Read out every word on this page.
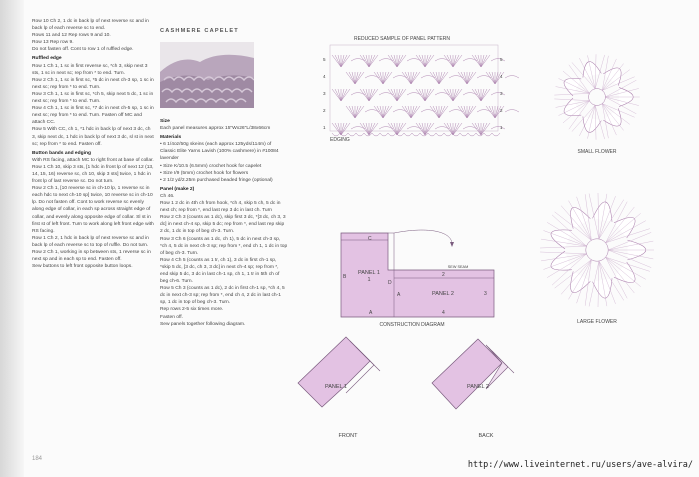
Row 10 Ch 2, 1 dc in back lp of next reverse sc and in back lp of each reverse sc to end.

Rows 11 and 12 Rep rows 9 and 10.

Row 13 Rep row 9.

Do not fasten off. Cont to row 1 of ruffled edge.

Ruffled edge

Row 1 Ch 1, 1 sc in first reverse sc, *ch 3, skip next 3 sts, 1 sc in next sc; rep from * to end. Turn.

Row 2 Ch 1, 1 sc in first sc, *5 dc in next ch-3 sp, 1 sc in next sc; rep from * to end. Turn.

Row 3 Ch 1, 1 sc in first sc, *ch 5, skip next 5 dc, 1 sc in next sc; rep from * to end. Turn.

Row 4 Ch 1, 1 sc in first sc, *7 dc in next ch-5 sp, 1 sc in next sc; rep from * to end. Turn. Fasten off MC and attach CC.

Row 5 With CC, ch 1, *1 hdc in back lp of next 3 dc, ch 3, skip next dc, 1 hdc in back lp of next 3 dc, sl st in next sc; rep from * to end. Fasten off.

Button bands and edging

With RS facing, attach MC to right front at base of collar.

Row 1 Ch 10, skip 3 sts, [1 hdc in front lp of next 12 (13, 14, 15, 16) reverse sc, ch 10, skip 3 sts] twice, 1 hdc in front lp of last reverse sc. Do not turn.

Row 2 Ch 1, [10 reverse sc in ch-10 lp, 1 reverse sc in each hdc to next ch-10 sp] twice, 10 reverse sc in ch-10 lp. Do not fasten off. Cont to work reverse sc evenly along edge of collar, in each sp across straight edge of collar, and evenly along opposite edge of collar. Sl st in first st of left front. Turn to work along left front edge with RS facing.

Row 1 Ch 2, 1 hdc in back lp of next reverse sc and in back lp of each reverse sc to top of ruffle. Do not turn.

Row 2 Ch 1, working in sp between sts, 1 reverse sc in next sp and in each sp to end. Fasten off.

Sew buttons to left front opposite button loops.

CASHMERE CAPELET

Size

Each panel measures approx 15"Wx26"L/38x66cm

Materials

• 6 1/4oz/50g skeins (each approx 125yds/114m) of Classic Elite Yarns Lavish (100% cashmere) in #10084 lavender

• Size K/10.5 (6.5mm) crochet hook for capelet

• Size I/9 (5mm) crochet hook for flowers

• 2 1/2 yd/2.25m purchased beaded fringe (optional)

Panel (make 2)

Ch 46.

Row 1 2 dc in 4th ch from hook, *ch 4, skip 5 ch, 5 dc in next ch; rep from *, end last rep 3 dc in last ch. Turn

Row 2 Ch 3 (counts as 1 dc), skip first 3 dc, *[3 dc, ch 3, 3 dc] in next ch-4 sp, skip 5 dc; rep from *, end last rep skip 2 dc, 1 dc in top of beg ch-3. Turn.

Row 3 Ch 6 (counts as 1 dc, ch 1), 5 dc in next ch-3 sp, *ch 4, 5 dc in next ch-3 sp; rep from *, end ch 1, 1 dc in top of beg ch-3. Turn.

Row 4 Ch 5 (counts as 1 tr, ch 1), 3 dc in first ch-1 sp, *skip 5 dc, [3 dc, ch 3, 3 dc] in next ch-4 sp; rep from *, end skip 5 dc, 3 dc in last ch-1 sp, ch 1, 1 tr in 5th ch of beg ch-6. Turn.

Row 5 Ch 3 (counts as 1 dc), 2 dc in first ch-1 sp, *ch 4, 5 dc in next ch-3 sp; rep from *, end ch 4, 2 dc in last ch-1 sp, 1 dc in top of beg ch-3. Turn.

Rep rows 2-5 six times more.

Fasten off.

Sew panels together following diagram.

REDUCED SAMPLE OF PANEL PATTERN
5
5
4
4
3
3
2
2
1
1
EDGING
SMALL FLOWER
LARGE FLOWER
PANEL 1
1
PANEL 2
SEW SEAM
C
B
A
D
2
3
4
A
CONSTRUCTION DIAGRAM
PANEL 1
FRONT
PANEL 2
BACK
184
http://www.liveinternet.ru/users/ave-alvira/
